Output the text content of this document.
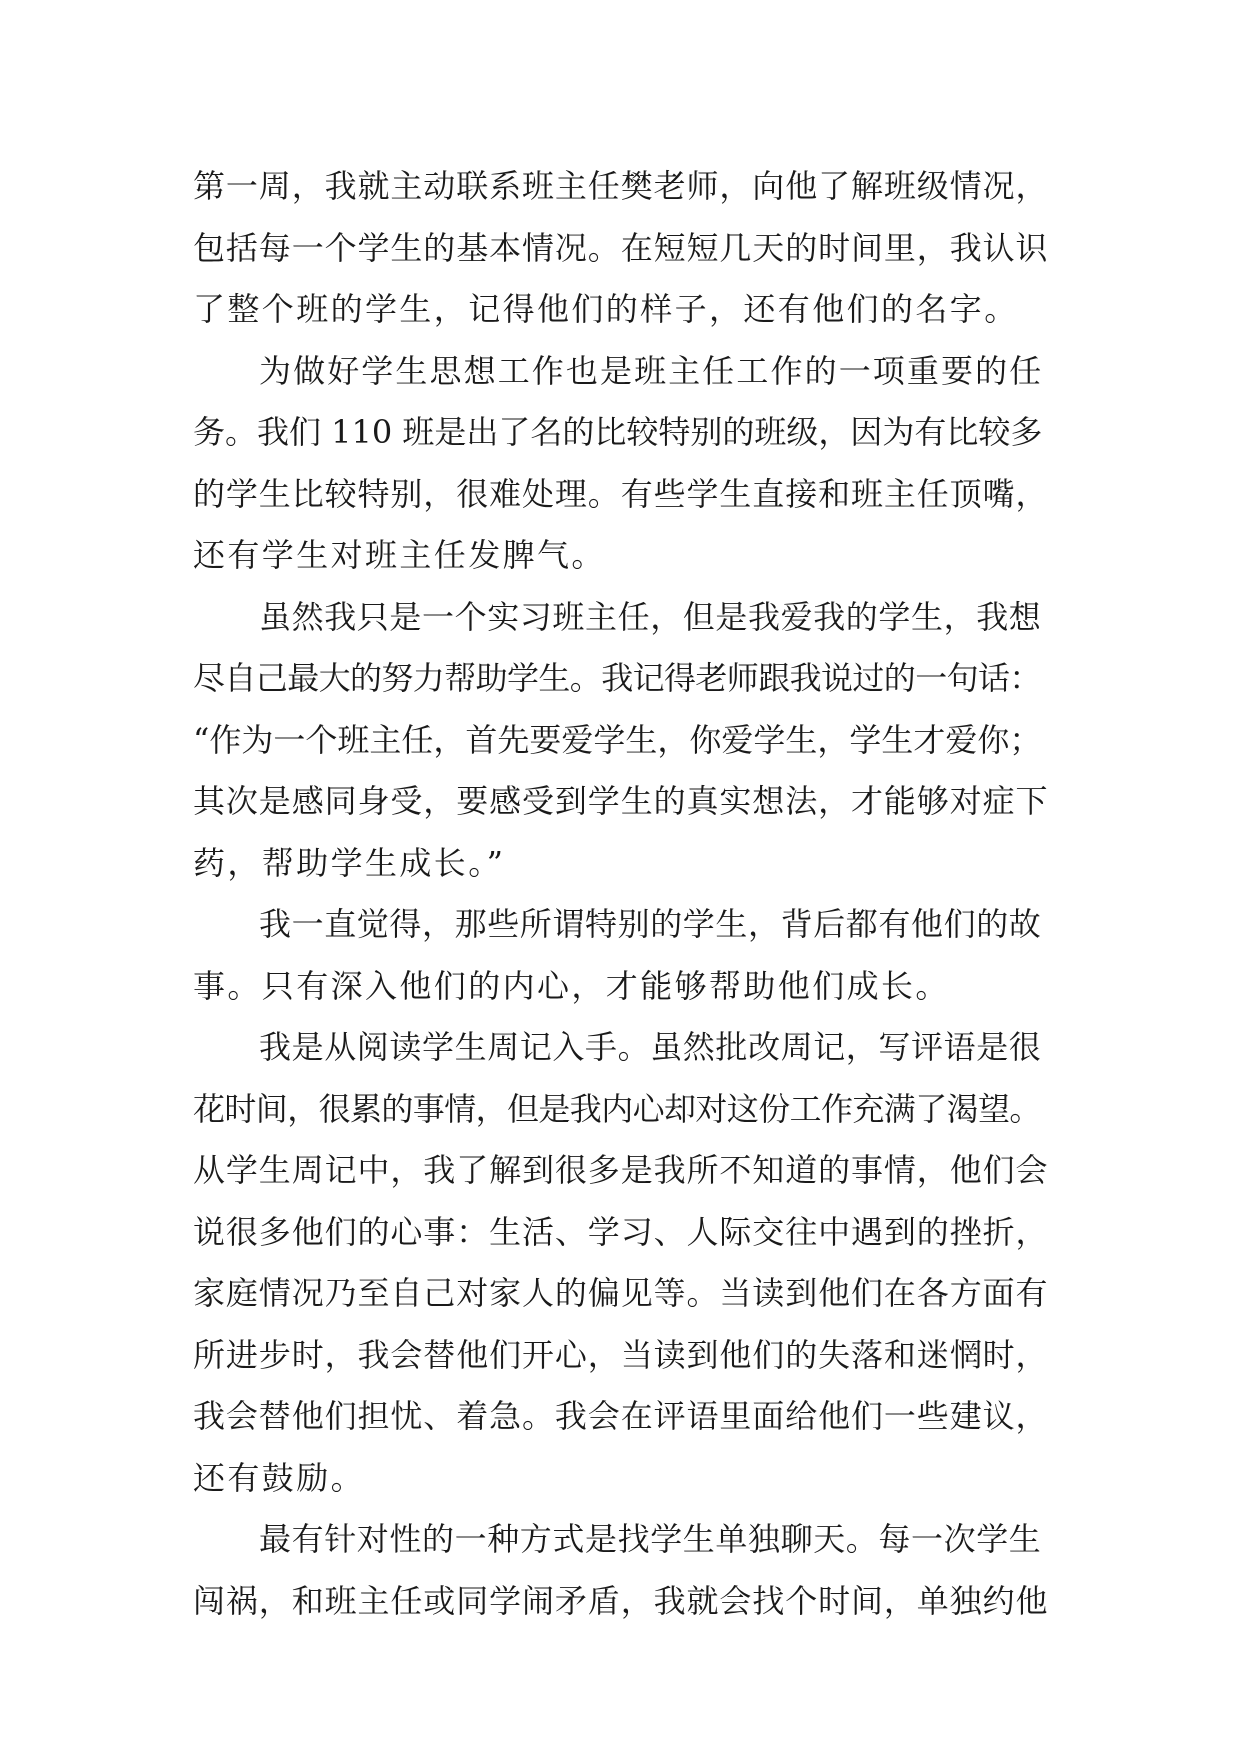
第一周，我就主动联系班主任樊老师，向他了解班级情况，
包括每一个学生的基本情况。在短短几天的时间里，我认识
了整个班的学生，记得他们的样子，还有他们的名字。
为做好学生思想工作也是班主任工作的一项重要的任
务。我们 110 班是出了名的比较特别的班级，因为有比较多
的学生比较特别，很难处理。有些学生直接和班主任顶嘴，
还有学生对班主任发脾气。
虽然我只是一个实习班主任，但是我爱我的学生，我想
尽自己最大的努力帮助学生。我记得老师跟我说过的一句话：
“作为一个班主任，首先要爱学生，你爱学生，学生才爱你；
其次是感同身受，要感受到学生的真实想法，才能够对症下
药，帮助学生成长。”
我一直觉得，那些所谓特别的学生，背后都有他们的故
事。只有深入他们的内心，才能够帮助他们成长。
我是从阅读学生周记入手。虽然批改周记，写评语是很
花时间，很累的事情，但是我内心却对这份工作充满了渴望。
从学生周记中，我了解到很多是我所不知道的事情，他们会
说很多他们的心事：生活、学习、人际交往中遇到的挫折，
家庭情况乃至自己对家人的偏见等。当读到他们在各方面有
所进步时，我会替他们开心，当读到他们的失落和迷惘时，
我会替他们担忧、着急。我会在评语里面给他们一些建议，
还有鼓励。
最有针对性的一种方式是找学生单独聊天。每一次学生
闯祸，和班主任或同学闹矛盾，我就会找个时间，单独约他
